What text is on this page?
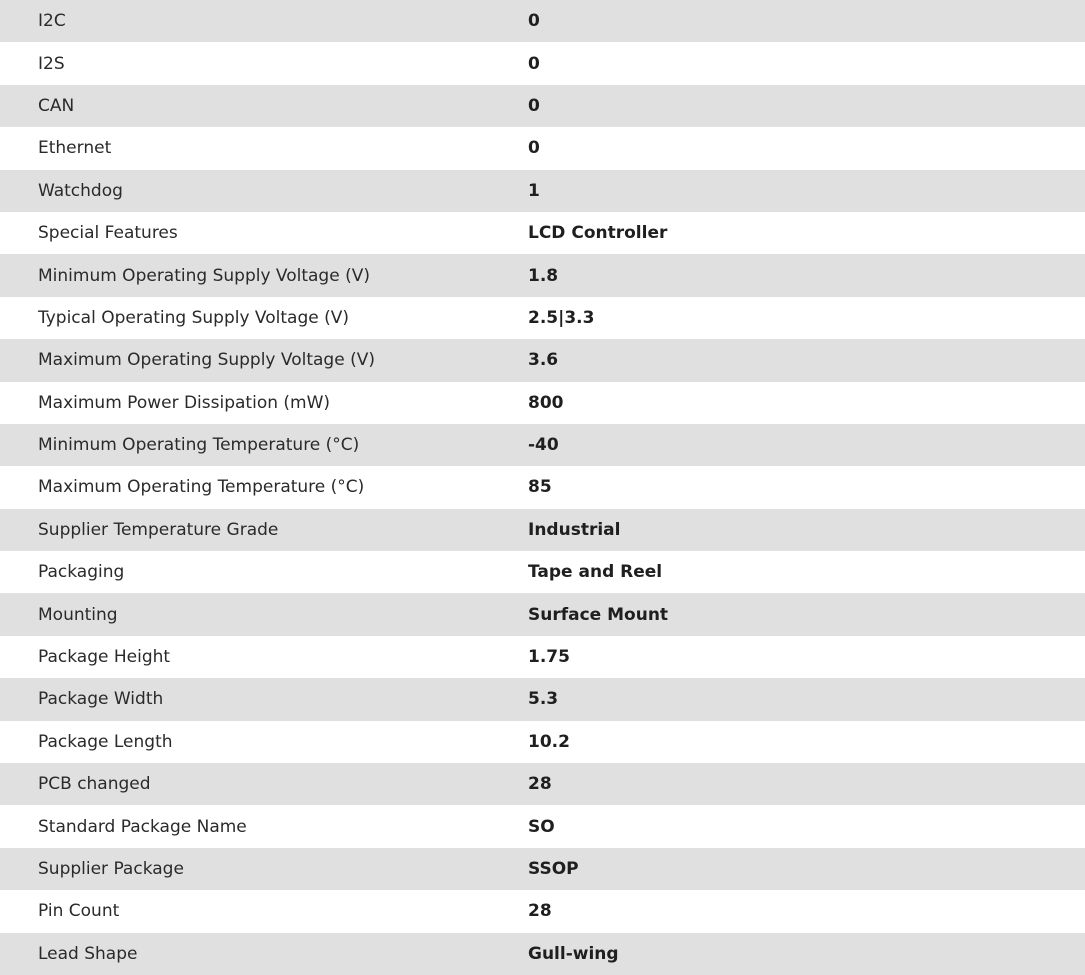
I2C	0
I2S	0
CAN	0
Ethernet	0
Watchdog	1
Special Features	LCD Controller
Minimum Operating Supply Voltage (V)	1.8
Typical Operating Supply Voltage (V)	2.5|3.3
Maximum Operating Supply Voltage (V)	3.6
Maximum Power Dissipation (mW)	800
Minimum Operating Temperature (°C)	-40
Maximum Operating Temperature (°C)	85
Supplier Temperature Grade	Industrial
Packaging	Tape and Reel
Mounting	Surface Mount
Package Height	1.75
Package Width	5.3
Package Length	10.2
PCB changed	28
Standard Package Name	SO
Supplier Package	SSOP
Pin Count	28
Lead Shape	Gull-wing
